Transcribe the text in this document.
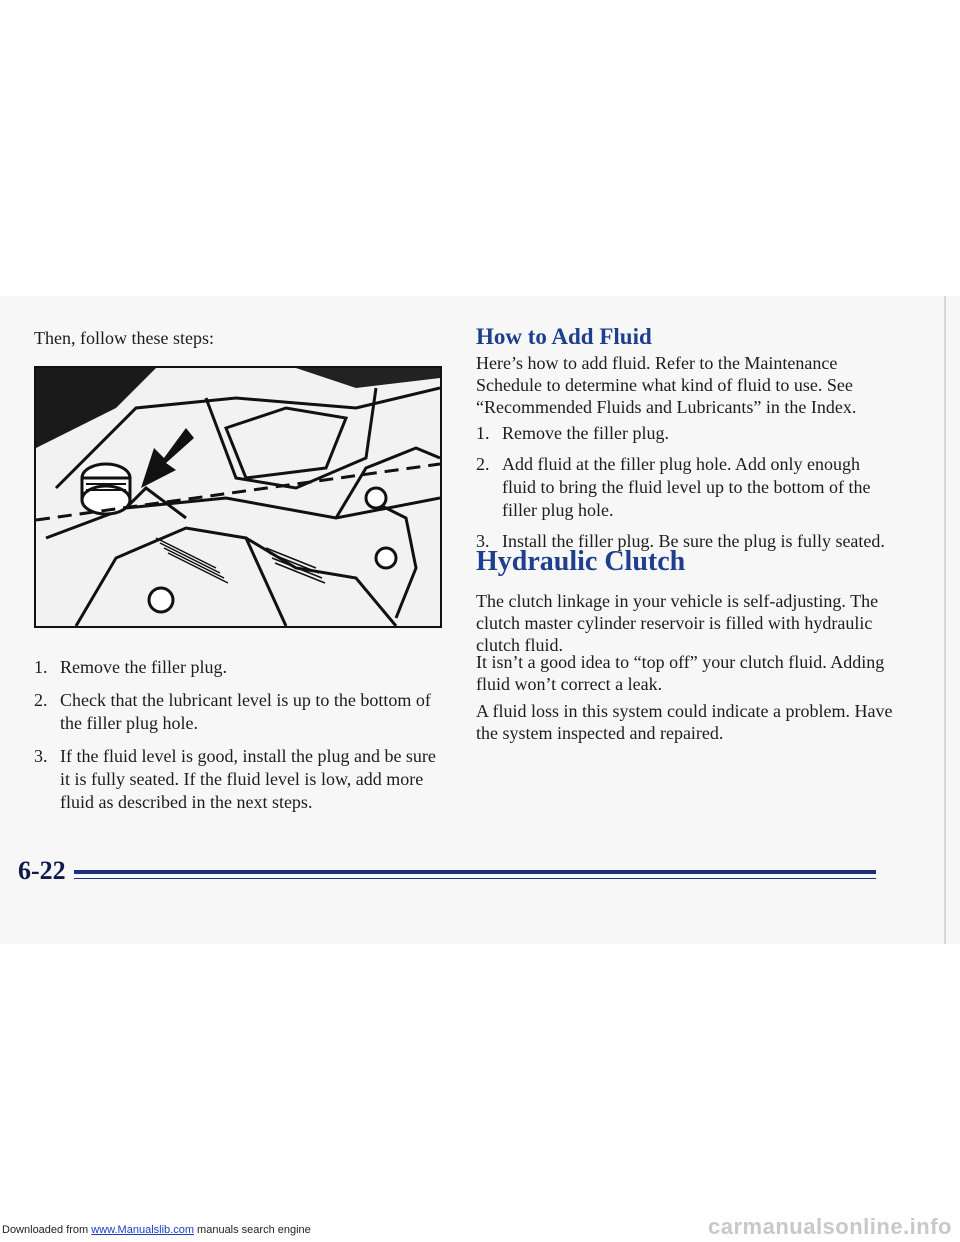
Then, follow these steps:
1. Remove the filler plug.
2. Check that the lubricant level is up to the bottom of the filler plug hole.
3. If the fluid level is good, install the plug and be sure it is fully seated. If the fluid level is low, add more fluid as described in the next steps.
How to Add Fluid

Here’s how to add fluid. Refer to the Maintenance Schedule to determine what kind of fluid to use. See “Recommended Fluids and Lubricants” in the Index.

1. Remove the filler plug.
2. Add fluid at the filler plug hole. Add only enough fluid to bring the fluid level up to the bottom of the filler plug hole.
3. Install the filler plug. Be sure the plug is fully seated.
Hydraulic Clutch

The clutch linkage in your vehicle is self-adjusting. The clutch master cylinder reservoir is filled with hydraulic clutch fluid.

It isn’t a good idea to “top off” your clutch fluid. Adding fluid won’t correct a leak.

A fluid loss in this system could indicate a problem. Have the system inspected and repaired.

6-22
Downloaded from www.Manualslib.com manuals search engine	carmanualsonline.info
